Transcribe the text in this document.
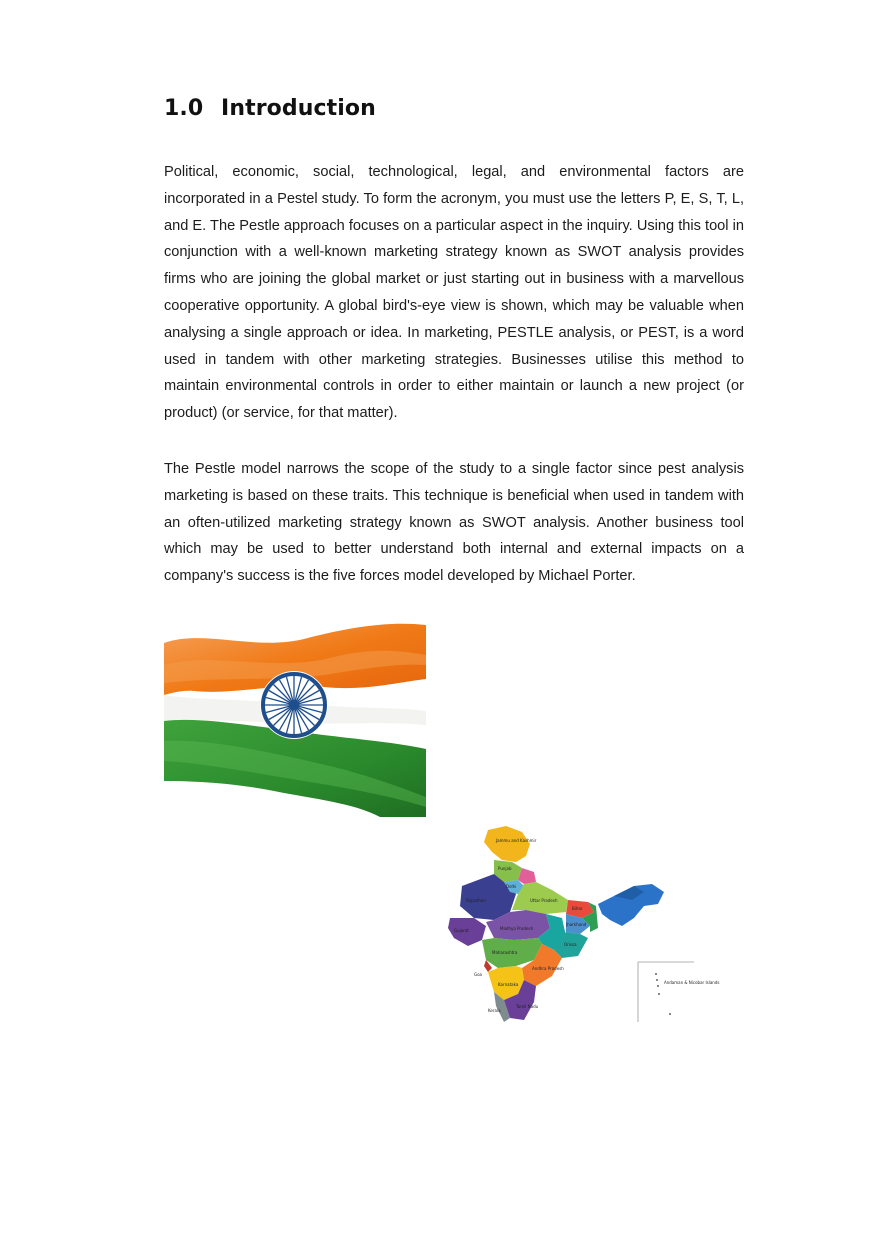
1.0 Introduction

Political, economic, social, technological, legal, and environmental factors are incorporated in a Pestel study. To form the acronym, you must use the letters P, E, S, T, L, and E. The Pestle approach focuses on a particular aspect in the inquiry. Using this tool in conjunction with a well-known marketing strategy known as SWOT analysis provides firms who are joining the global market or just starting out in business with a marvellous cooperative opportunity. A global bird's-eye view is shown, which may be valuable when analysing a single approach or idea. In marketing, PESTLE analysis, or PEST, is a word used in tandem with other marketing strategies. Businesses utilise this method to maintain environmental controls in order to either maintain or launch a new project (or product) (or service, for that matter).

The Pestle model narrows the scope of the study to a single factor since pest analysis marketing is based on these traits. This technique is beneficial when used in tandem with an often-utilized marketing strategy known as SWOT analysis. Another business tool which may be used to better understand both internal and external impacts on a company's success is the five forces model developed by Michael Porter.

Jammu and Kashmir
Punjab
Delhi
Rajasthan	Uttar Pradesh
Bihar
Gujarat	Madhya Pradesh
Jharkhand
Orissa
Maharashtra
Andhra Pradesh
Goa
Karnataka
Tamil Nadu
Kerala
Andaman & Nicobar Islands
